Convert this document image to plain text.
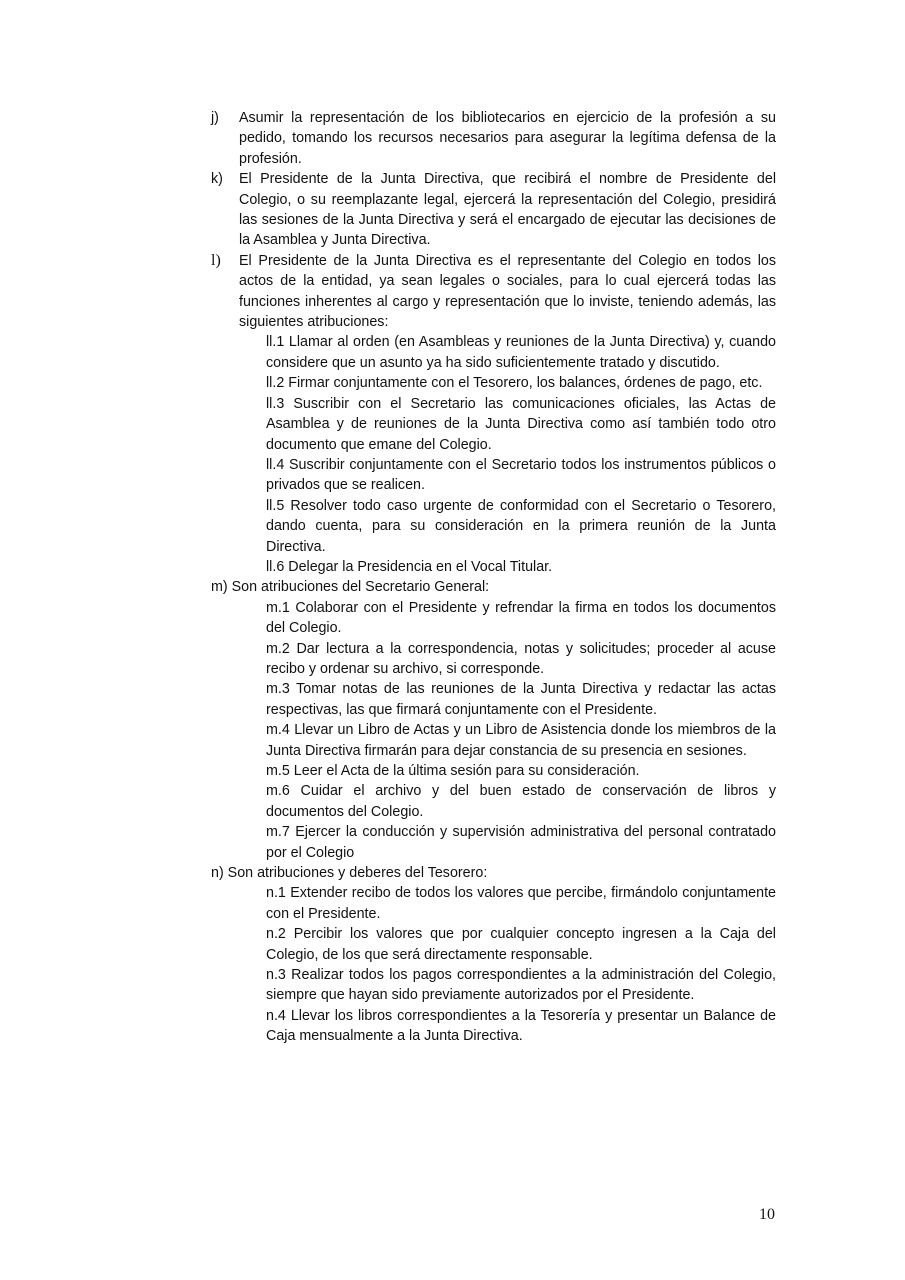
j)	Asumir la representación de los bibliotecarios en ejercicio de la profesión a su pedido, tomando los recursos necesarios para asegurar la legítima defensa de la profesión.
k)	El Presidente de la Junta Directiva, que recibirá el nombre de Presidente del Colegio, o su reemplazante legal, ejercerá la representación del Colegio, presidirá las sesiones de la Junta Directiva y será el encargado de ejecutar las decisiones de la Asamblea y Junta Directiva.
l)	El Presidente de la Junta Directiva es el representante del Colegio en todos los actos de la entidad, ya sean legales o sociales, para lo cual ejercerá todas las funciones inherentes al cargo y representación que lo inviste, teniendo además, las siguientes atribuciones:
ll.1 Llamar al orden (en Asambleas y reuniones de la Junta Directiva) y, cuando considere que un asunto ya ha sido suficientemente tratado y discutido.
ll.2 Firmar conjuntamente con el Tesorero, los balances, órdenes de pago, etc.
ll.3 Suscribir con el Secretario las comunicaciones oficiales, las Actas de Asamblea y de reuniones de la Junta Directiva como así también todo otro documento que emane del Colegio.
ll.4 Suscribir conjuntamente con el Secretario todos los instrumentos públicos o privados que se realicen.
ll.5 Resolver todo caso urgente de conformidad con el Secretario o Tesorero, dando cuenta, para su consideración en la primera reunión de la Junta Directiva.
ll.6 Delegar la Presidencia en el Vocal Titular.
m) Son atribuciones del Secretario General:
m.1 Colaborar con el Presidente y refrendar la firma en todos los documentos del Colegio.
m.2 Dar lectura a la correspondencia, notas y solicitudes; proceder al acuse recibo y ordenar su archivo, si corresponde.
m.3 Tomar notas de las reuniones de la Junta Directiva y redactar las actas respectivas, las que firmará conjuntamente con el Presidente.
m.4 Llevar un Libro de Actas y un Libro de Asistencia donde los miembros de la Junta Directiva firmarán para dejar constancia de su presencia en sesiones.
m.5 Leer el Acta de la última sesión para su consideración.
m.6 Cuidar el archivo y del buen estado de conservación de libros y documentos del Colegio.
m.7 Ejercer la conducción y supervisión administrativa del personal contratado por el Colegio
n) Son atribuciones y deberes del Tesorero:
n.1 Extender recibo de todos los valores que percibe, firmándolo conjuntamente con el Presidente.
n.2 Percibir los valores que por cualquier concepto ingresen a la Caja del Colegio, de los que será directamente responsable.
n.3 Realizar todos los pagos correspondientes a la administración del Colegio, siempre que hayan sido previamente autorizados por el Presidente.
n.4 Llevar los libros correspondientes a la Tesorería y presentar un Balance de Caja mensualmente a la Junta Directiva.
10
